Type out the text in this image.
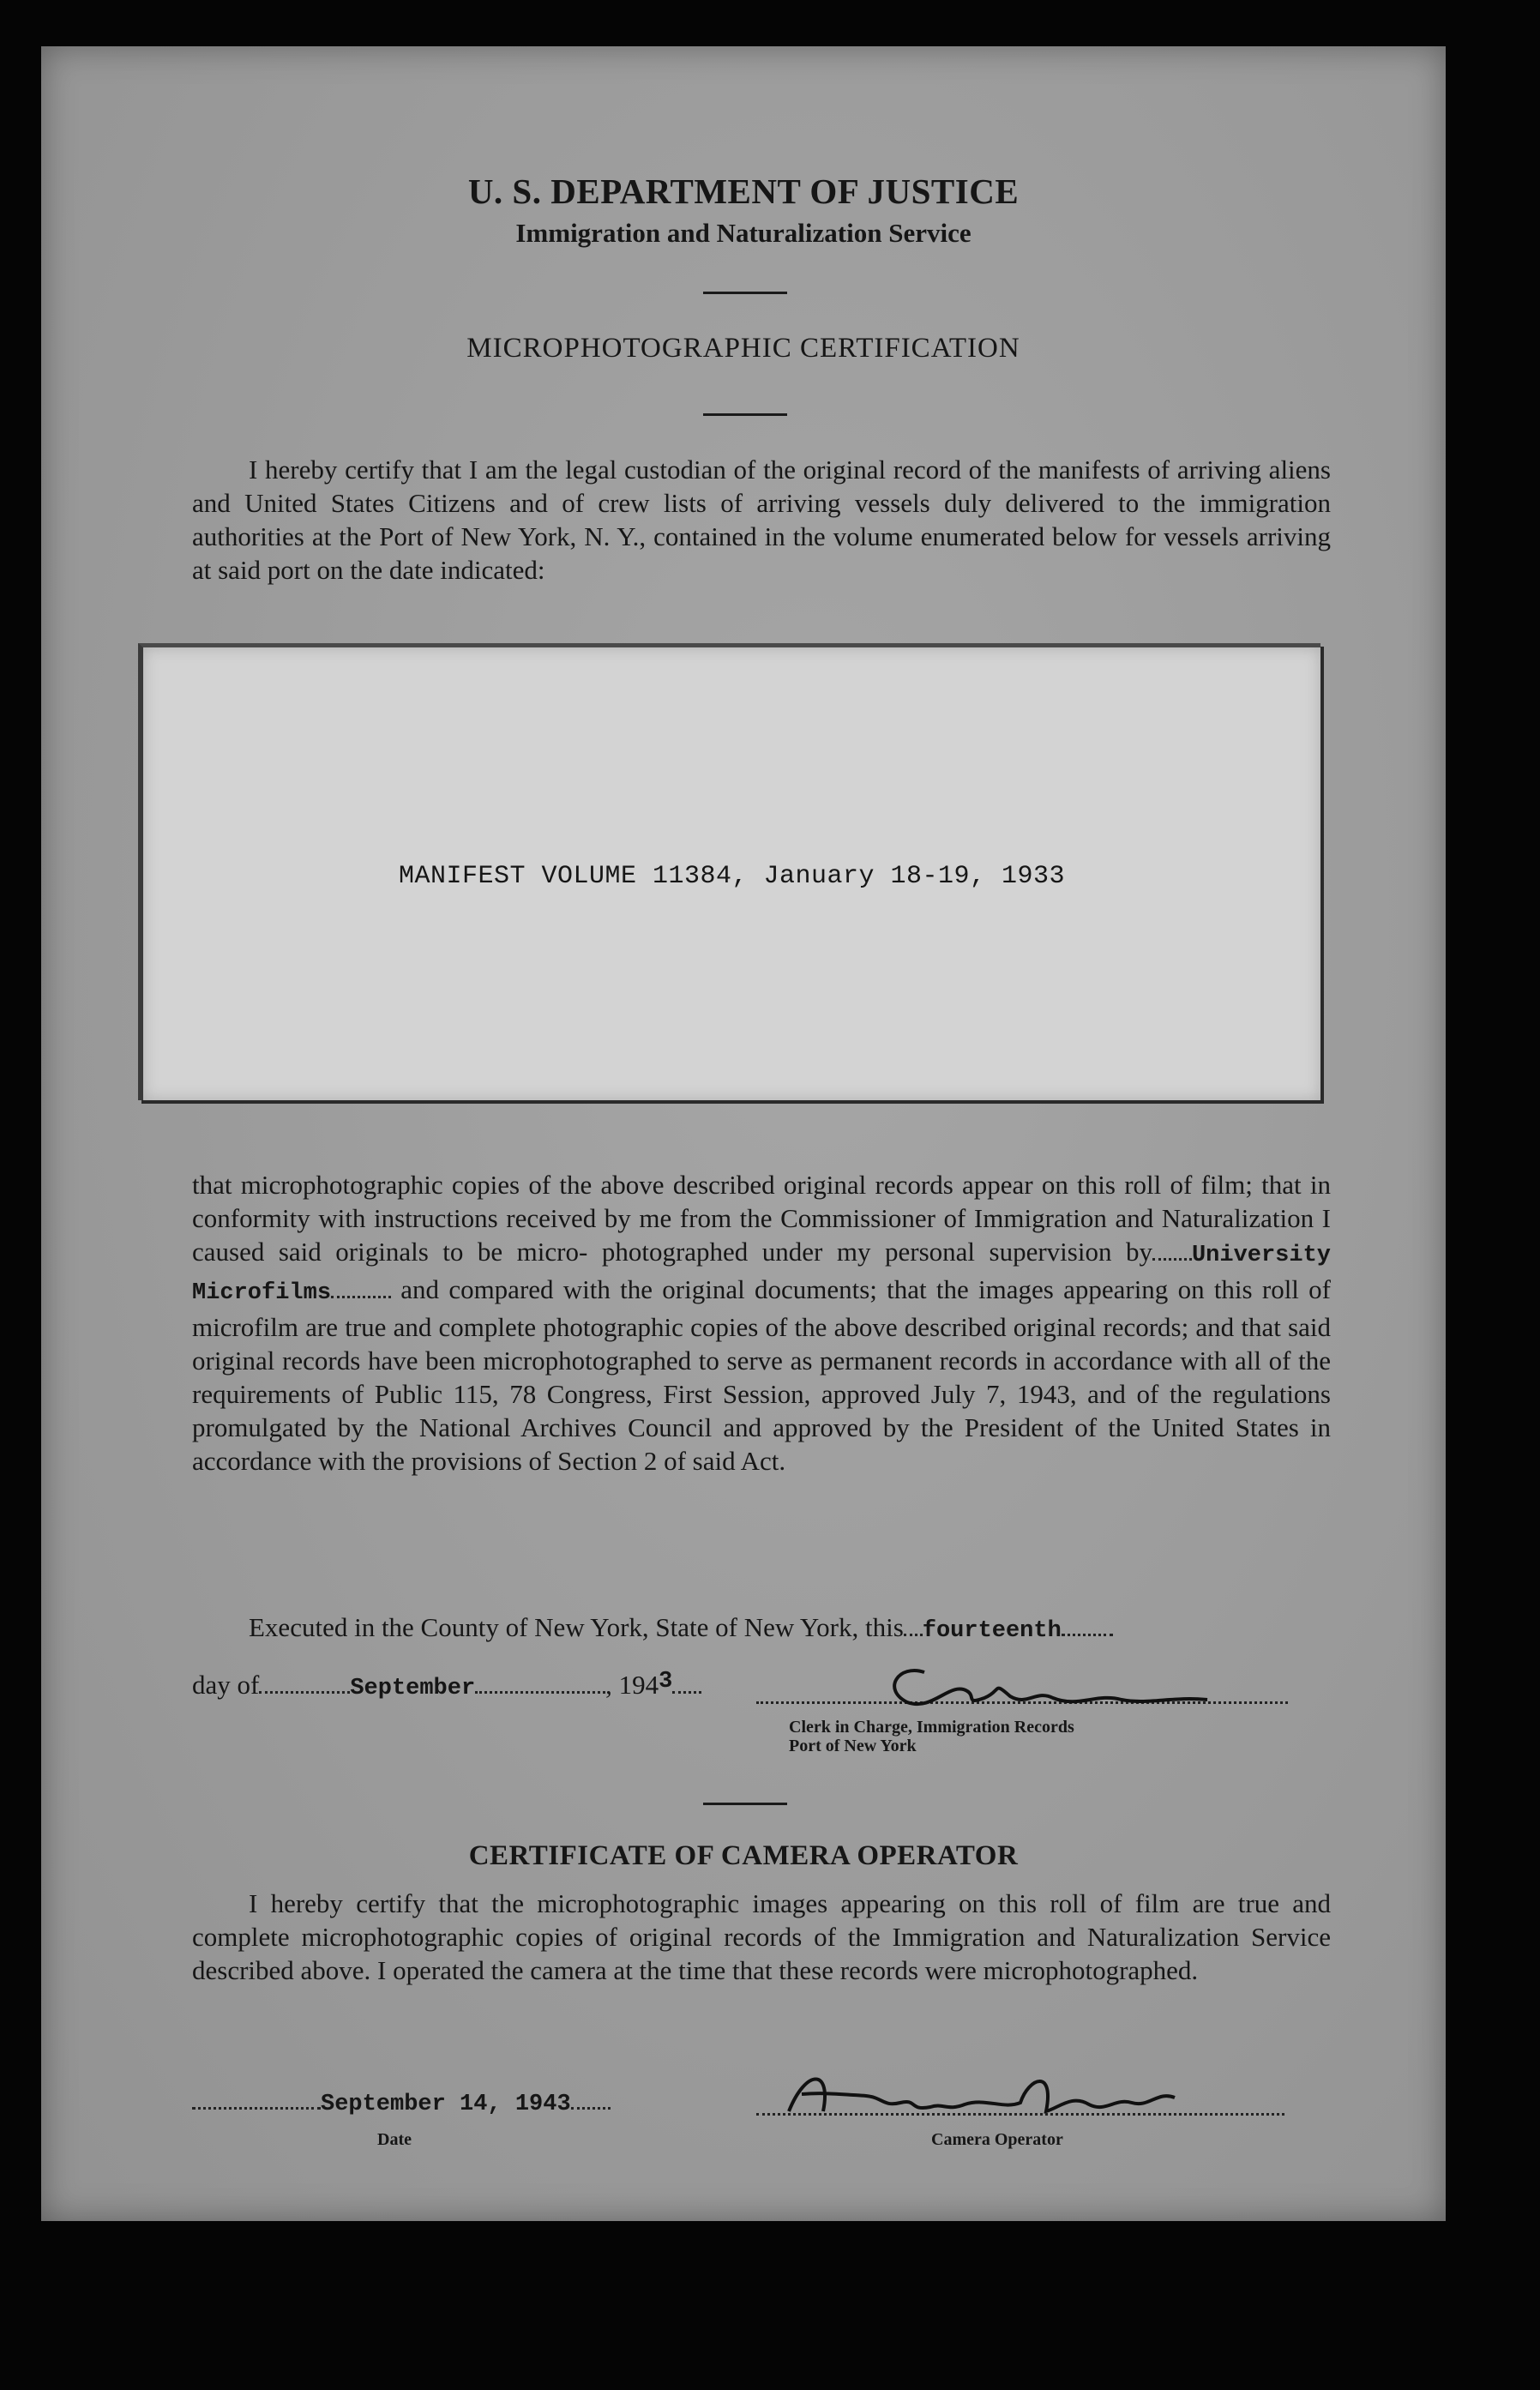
U. S. DEPARTMENT OF JUSTICE
Immigration and Naturalization Service
MICROPHOTOGRAPHIC CERTIFICATION
I hereby certify that I am the legal custodian of the original record of the manifests of arriving aliens and United States Citizens and of crew lists of arriving vessels duly delivered to the immigration authorities at the Port of New York, N. Y., contained in the volume enumerated below for vessels arriving at said port on the date indicated:
MANIFEST VOLUME 11384, January 18-19, 1933
that microphotographic copies of the above described original records appear on this roll of film; that in conformity with instructions received by me from the Commissioner of Immigration and Naturalization I caused said originals to be micro- photographed under my personal supervision by University Microfilms	and compared with the original documents; that the images appearing on this roll of microfilm are true and complete photographic copies of the above described original records; and that said original records have been microphotographed to serve as permanent records in accordance with all of the requirements of Public 115, 78 Congress, First Session, approved July 7, 1943, and of the regulations promulgated by the National Archives Council and approved by the President of the United States in accordance with the provisions of Section 2 of said Act.
Executed in the County of New York, State of New York, this fourteenth
day of	September	, 1943
Clerk in Charge, Immigration Records
Port of New York
CERTIFICATE OF CAMERA OPERATOR
I hereby certify that the microphotographic images appearing on this roll of film are true and complete microphotographic copies of original records of the Immigration and Naturalization Service described above. I operated the camera at the time that these records were microphotographed.
September 14, 1943
Date	Camera Operator
